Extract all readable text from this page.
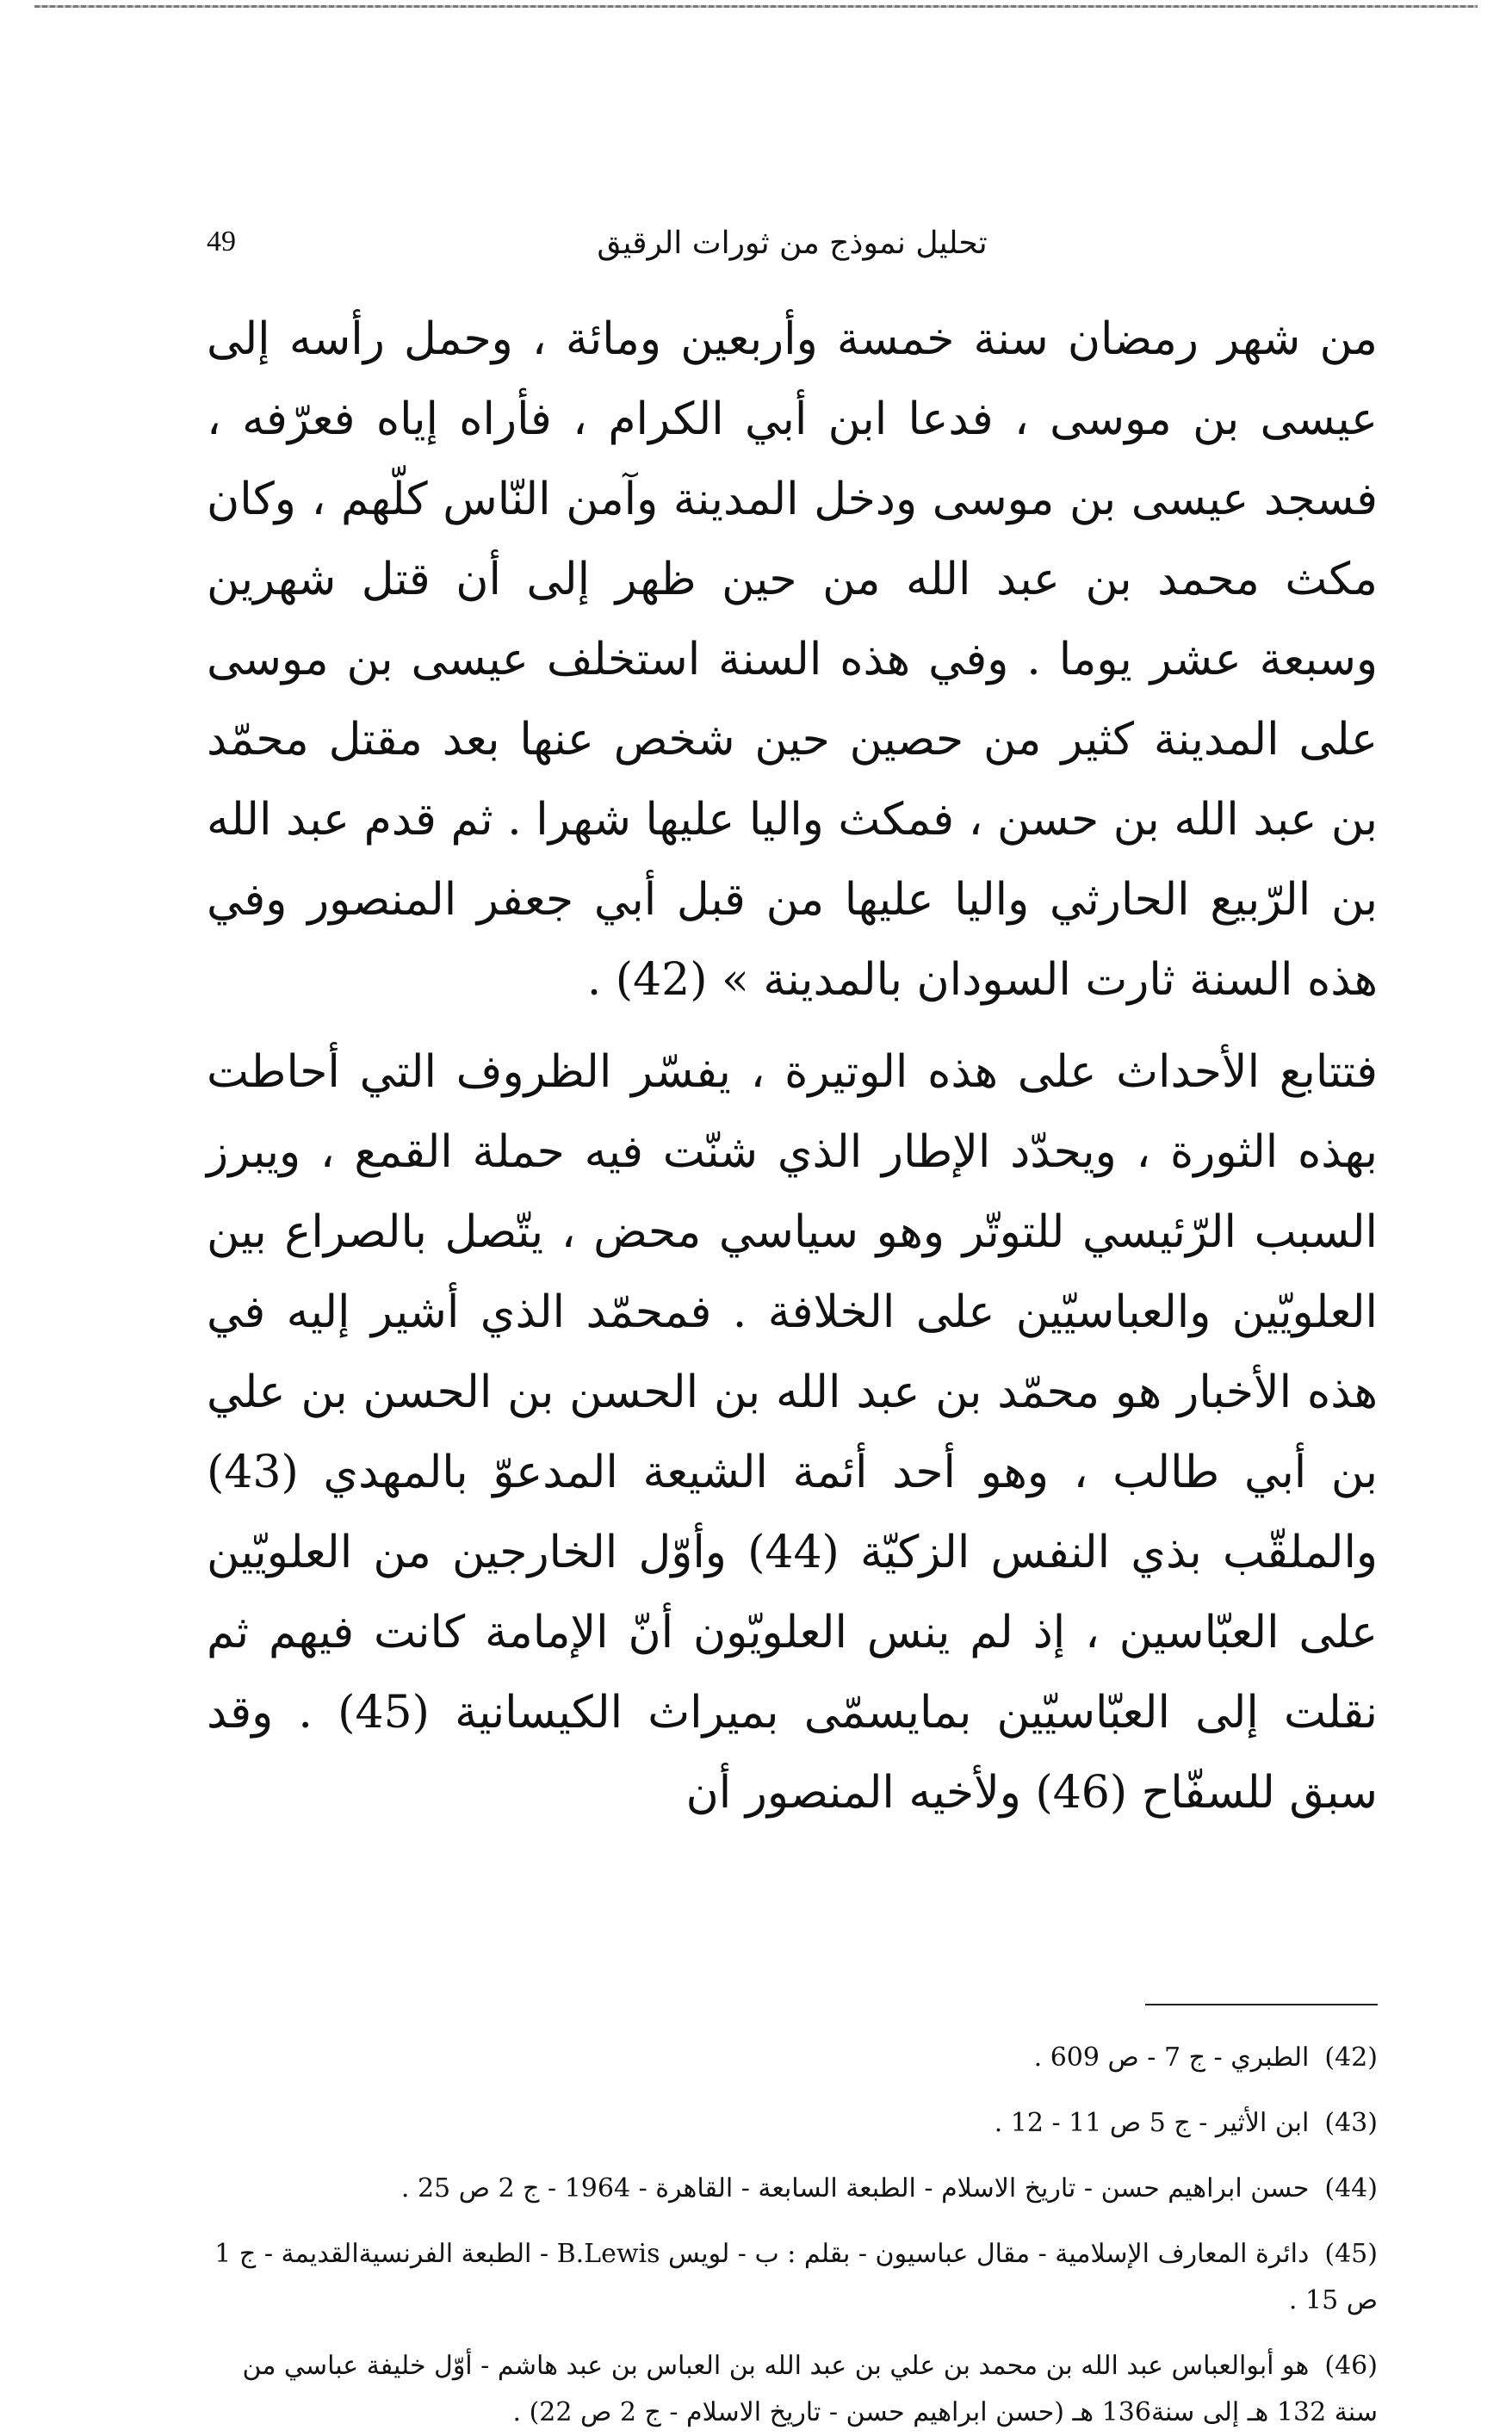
49	تحليل نموذج من ثورات الرقيق

من شهر رمضان سنة خمسة وأربعين ومائة ، وحمل رأسه إلى عيسى بن موسى ، فدعا ابن أبي الكرام ، فأراه إياه فعرّفه ، فسجد عيسى بن موسى ودخل المدينة وآمن النّاس كلّهم ، وكان مكث محمد بن عبد الله من حين ظهر إلى أن قتل شهرين وسبعة عشر يوما . وفي هذه السنة استخلف عيسى بن موسى على المدينة كثير من حصين حين شخص عنها بعد مقتل محمّد بن عبد الله بن حسن ، فمكث واليا عليها شهرا . ثم قدم عبد الله بن الرّبيع الحارثي واليا عليها من قبل أبي جعفر المنصور وفي هذه السنة ثارت السودان بالمدينة » (42) .

فتتابع الأحداث على هذه الوتيرة ، يفسّر الظروف التي أحاطت بهذه الثورة ، ويحدّد الإطار الذي شنّت فيه حملة القمع ، ويبرز السبب الرّئيسي للتوتّر وهو سياسي محض ، يتّصل بالصراع بين العلويّين والعباسيّين على الخلافة . فمحمّد الذي أشير إليه في هذه الأخبار هو محمّد بن عبد الله بن الحسن بن الحسن بن علي بن أبي طالب ، وهو أحد أئمة الشيعة المدعوّ بالمهدي (43) والملقّب بذي النفس الزكيّة (44) وأوّل الخارجين من العلويّين على العبّاسين ، إذ لم ينس العلويّون أنّ الإمامة كانت فيهم ثم نقلت إلى العبّاسيّين بمايسمّى بميراث الكيسانية (45) . وقد سبق للسفّاح (46) ولأخيه المنصور أن

(42)الطبري - ج 7 - ص 609 .

(43)ابن الأثير - ج 5 ص 11 - 12 .

(44)حسن ابراهيم حسن - تاريخ الاسلام - الطبعة السابعة - القاهرة - 1964 - ج 2 ص 25 .

(45)دائرة المعارف الإسلامية - مقال عباسيون - بقلم : ب - لويس B.Lewis - الطبعة الفرنسيةالقديمة - ج 1 ص 15 .

(46)هو أبوالعباس عبد الله بن محمد بن علي بن عبد الله بن العباس بن عبد هاشم - أوّل خليفة عباسي من سنة 132 هـ إلى سنة136 هـ (حسن ابراهيم حسن - تاريخ الاسلام - ج 2 ص 22) .
